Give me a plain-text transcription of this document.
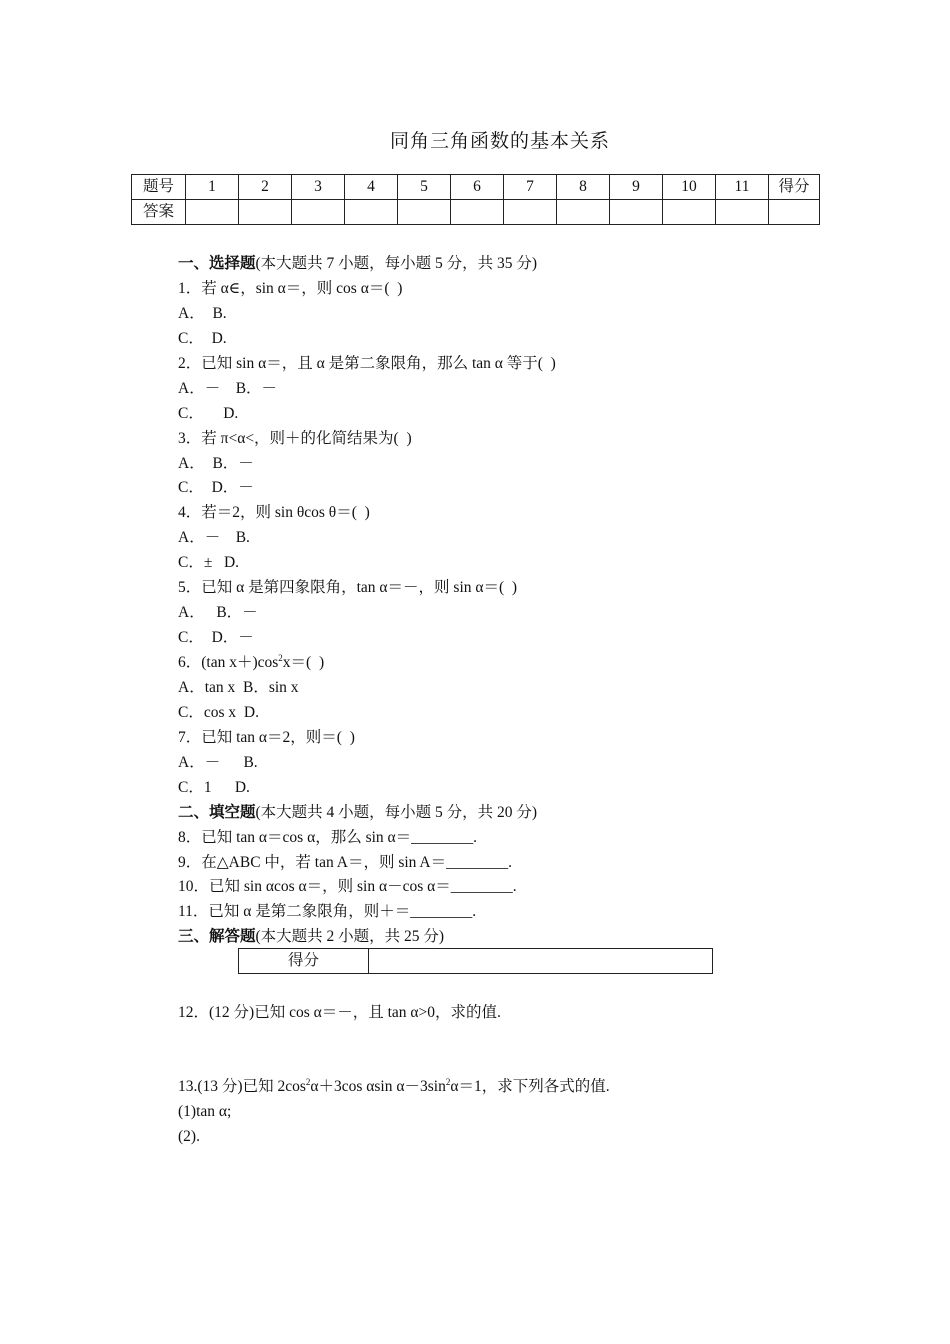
同角三角函数的基本关系
题号	1	2	3	4	5	6	7	8	9	10	11	得分
答案												
一、选择题(本大题共 7 小题，每小题 5 分，共 35 分)
1．若 α∈，sin α＝，则 cos α＝(  )
A．  B.
C．  D.
2．已知 sin α＝，且 α 是第二象限角，那么 tan α 等于(  )
A．－    B．－
C．     D.
3．若 π<α<，则＋的化简结果为(  )
A．  B．－
C．  D．－
4．若＝2，则 sin θcos θ＝(  )
A．－    B.
C．±   D.
5．已知 α 是第四象限角，tan α＝－，则 sin α＝(  )
A．   B．－
C．  D．－
6．(tan $x+)\cos^2x=$(  )
A．tan x  B．sin x
C．cos x  D.
7．已知 tan α＝2，则＝(  )
A．－      B.
C．1      D.
二、填空题(本大题共 4 小题，每小题 5 分，共 20 分)
8．已知 tan α＝cos α，那么 sin α＝________.
9．在△ABC 中，若 tan A＝，则 sin A＝________.
10．已知 sin αcos α＝，则 sin α－cos α＝________.
11．已知 α 是第二象限角，则＋＝________.
三、解答题(本大题共 2 小题，共 25 分)
得分	
12．(12 分)已知 cos α＝－，且 tan α>0，求的值.
13.(13 分)已知 $2\cos^2\alpha+3\cos$ αsin $\alpha-3\sin^2\alpha=1$，求下列各式的值.
(1)tan α;
(2).
